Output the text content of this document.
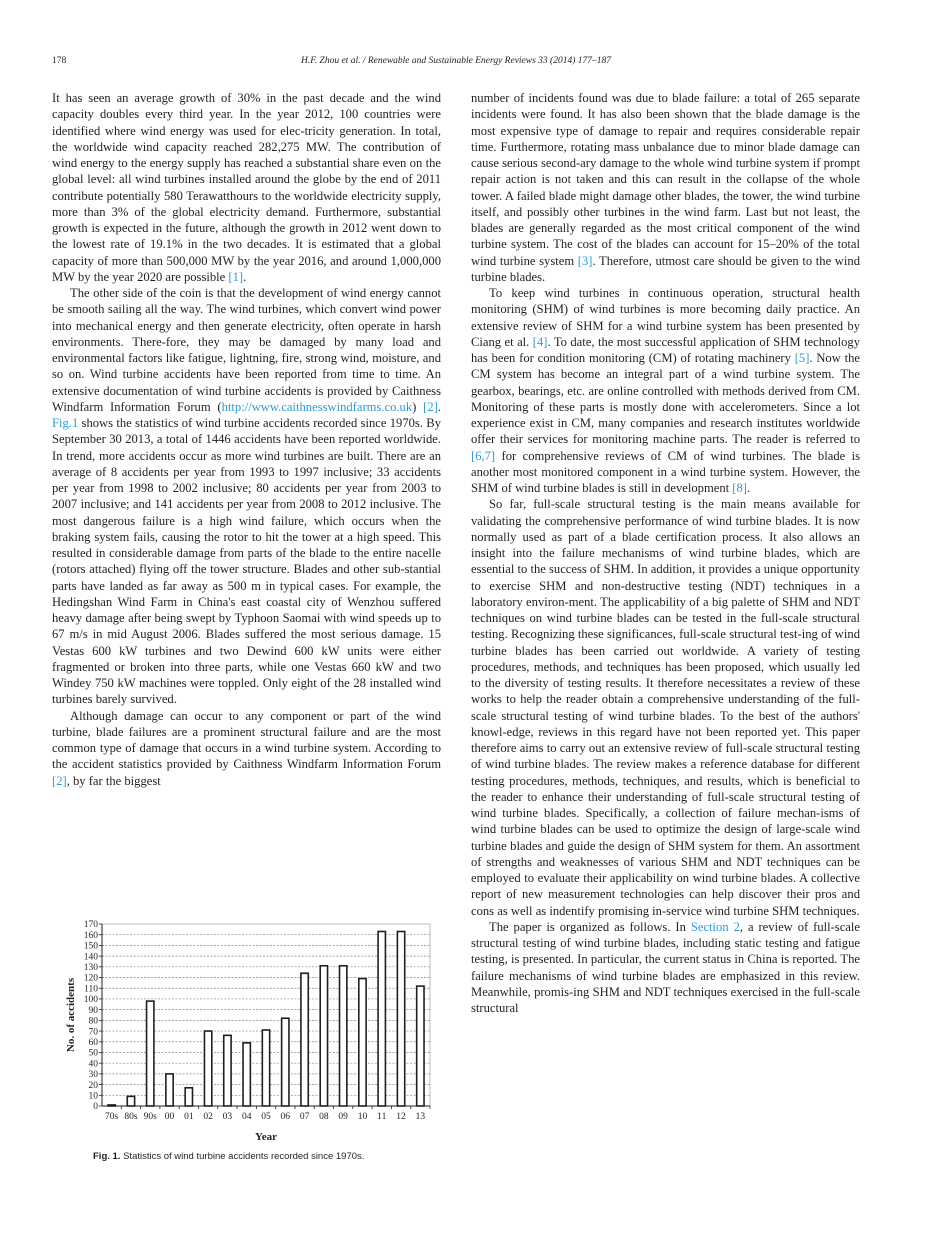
178	H.F. Zhou et al. / Renewable and Sustainable Energy Reviews 33 (2014) 177–187

It has seen an average growth of 30% in the past decade and the wind capacity doubles every third year. In the year 2012, 100 countries were identified where wind energy was used for elec-tricity generation. In total, the worldwide wind capacity reached 282,275 MW. The contribution of wind energy to the energy supply has reached a substantial share even on the global level: all wind turbines installed around the globe by the end of 2011 contribute potentially 580 Terawatthours to the worldwide electricity supply, more than 3% of the global electricity demand. Furthermore, substantial growth is expected in the future, although the growth in 2012 went down to the lowest rate of 19.1% in the two decades. It is estimated that a global capacity of more than 500,000 MW by the year 2016, and around 1,000,000 MW by the year 2020 are possible [1].

The other side of the coin is that the development of wind energy cannot be smooth sailing all the way. The wind turbines, which convert wind power into mechanical energy and then generate electricity, often operate in harsh environments. There-fore, they may be damaged by many load and environmental factors like fatigue, lightning, fire, strong wind, moisture, and so on. Wind turbine accidents have been reported from time to time. An extensive documentation of wind turbine accidents is provided by Caithness Windfarm Information Forum (http://www.caithnesswindfarms.co.uk) [2]. Fig.1 shows the statistics of wind turbine accidents recorded since 1970s. By September 30 2013, a total of 1446 accidents have been reported worldwide. In trend, more accidents occur as more wind turbines are built. There are an average of 8 accidents per year from 1993 to 1997 inclusive; 33 accidents per year from 1998 to 2002 inclusive; 80 accidents per year from 2003 to 2007 inclusive; and 141 accidents per year from 2008 to 2012 inclusive. The most dangerous failure is a high wind failure, which occurs when the braking system fails, causing the rotor to hit the tower at a high speed. This resulted in considerable damage from parts of the blade to the entire nacelle (rotors attached) flying off the tower structure. Blades and other sub-stantial parts have landed as far away as 500 m in typical cases. For example, the Hedingshan Wind Farm in China's east coastal city of Wenzhou suffered heavy damage after being swept by Typhoon Saomai with wind speeds up to 67 m/s in mid August 2006. Blades suffered the most serious damage. 15 Vestas 600 kW turbines and two Dewind 600 kW units were either fragmented or broken into three parts, while one Vestas 660 kW and two Windey 750 kW machines were toppled. Only eight of the 28 installed wind turbines barely survived.

Although damage can occur to any component or part of the wind turbine, blade failures are a prominent structural failure and are the most common type of damage that occurs in a wind turbine system. According to the accident statistics provided by Caithness Windfarm Information Forum [2], by far the biggest

0
10
20
30
40
50
60
70
80
90
100
110
120
130
140
150
160
170
70s 80s 90s 00 01 02 03 04 05 06 07 08 09 10 11 12 13
Year
No. of accidents
Fig. 1. Statistics of wind turbine accidents recorded since 1970s.

number of incidents found was due to blade failure: a total of 265 separate incidents were found. It has also been shown that the blade damage is the most expensive type of damage to repair and requires considerable repair time. Furthermore, rotating mass unbalance due to minor blade damage can cause serious second-ary damage to the whole wind turbine system if prompt repair action is not taken and this can result in the collapse of the whole tower. A failed blade might damage other blades, the tower, the wind turbine itself, and possibly other turbines in the wind farm. Last but not least, the blades are generally regarded as the most critical component of the wind turbine system. The cost of the blades can account for 15–20% of the total wind turbine system [3]. Therefore, utmost care should be given to the wind turbine blades.

To keep wind turbines in continuous operation, structural health monitoring (SHM) of wind turbines is more becoming daily practice. An extensive review of SHM for a wind turbine system has been presented by Ciang et al. [4]. To date, the most successful application of SHM technology has been for condition monitoring (CM) of rotating machinery [5]. Now the CM system has become an integral part of a wind turbine system. The gearbox, bearings, etc. are online controlled with methods derived from CM. Monitoring of these parts is mostly done with accelerometers. Since a lot experience exist in CM, many companies and research institutes worldwide offer their services for monitoring machine parts. The reader is referred to [6,7] for comprehensive reviews of CM of wind turbines. The blade is another most monitored component in a wind turbine system. However, the SHM of wind turbine blades is still in development [8].

So far, full-scale structural testing is the main means available for validating the comprehensive performance of wind turbine blades. It is now normally used as part of a blade certification process. It also allows an insight into the failure mechanisms of wind turbine blades, which are essential to the success of SHM. In addition, it provides a unique opportunity to exercise SHM and non-destructive testing (NDT) techniques in a laboratory environ-ment. The applicability of a big palette of SHM and NDT techniques on wind turbine blades can be tested in the full-scale structural testing. Recognizing these significances, full-scale structural test-ing of wind turbine blades has been carried out worldwide. A variety of testing procedures, methods, and techniques has been proposed, which usually led to the diversity of testing results. It therefore necessitates a review of these works to help the reader obtain a comprehensive understanding of the full-scale structural testing of wind turbine blades. To the best of the authors' knowl-edge, reviews in this regard have not been reported yet. This paper therefore aims to carry out an extensive review of full-scale structural testing of wind turbine blades. The review makes a reference database for different testing procedures, methods, techniques, and results, which is beneficial to the reader to enhance their understanding of full-scale structural testing of wind turbine blades. Specifically, a collection of failure mechan-isms of wind turbine blades can be used to optimize the design of large-scale wind turbine blades and guide the design of SHM system for them. An assortment of strengths and weaknesses of various SHM and NDT techniques can be employed to evaluate their applicability on wind turbine blades. A collective report of new measurement technologies can help discover their pros and cons as well as indentify promising in-service wind turbine SHM techniques.

The paper is organized as follows. In Section 2, a review of full-scale structural testing of wind turbine blades, including static testing and fatigue testing, is presented. In particular, the current status in China is reported. The failure mechanisms of wind turbine blades are emphasized in this review. Meanwhile, promis-ing SHM and NDT techniques exercised in the full-scale structural
